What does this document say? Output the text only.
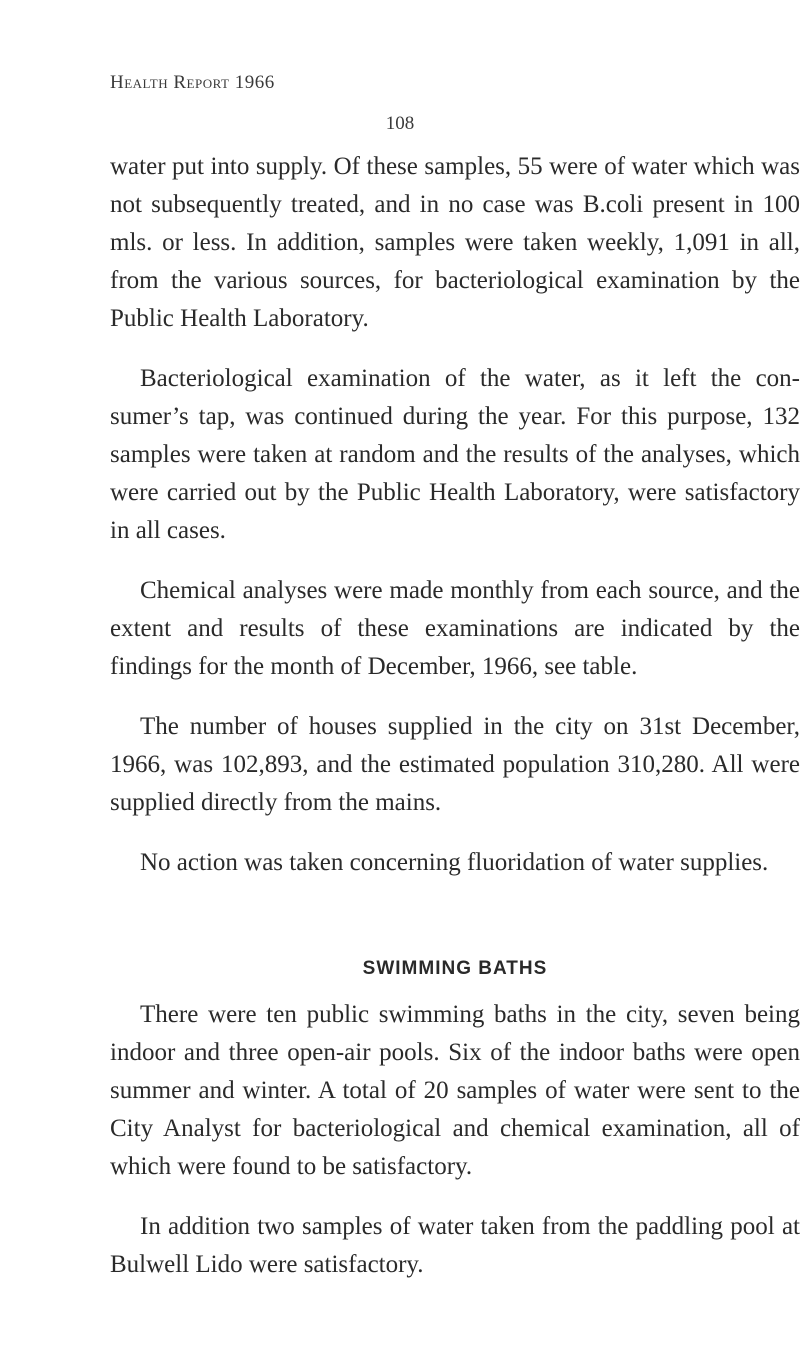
Health Report 1966
108

water put into supply. Of these samples, 55 were of water which was not subsequently treated, and in no case was B.coli present in 100 mls. or less. In addition, samples were taken weekly, 1,091 in all, from the various sources, for bacteriological examination by the Public Health Laboratory.

Bacteriological examination of the water, as it left the con- sumer’s tap, was continued during the year. For this purpose, 132 samples were taken at random and the results of the analyses, which were carried out by the Public Health Laboratory, were satisfactory in all cases.

Chemical analyses were made monthly from each source, and the extent and results of these examinations are indicated by the findings for the month of December, 1966, see table.

The number of houses supplied in the city on 31st December, 1966, was 102,893, and the estimated population 310,280. All were supplied directly from the mains.

No action was taken concerning fluoridation of water supplies.

SWIMMING BATHS

There were ten public swimming baths in the city, seven being indoor and three open-air pools. Six of the indoor baths were open summer and winter. A total of 20 samples of water were sent to the City Analyst for bacteriological and chemical examination, all of which were found to be satisfactory.

In addition two samples of water taken from the paddling pool at Bulwell Lido were satisfactory.
